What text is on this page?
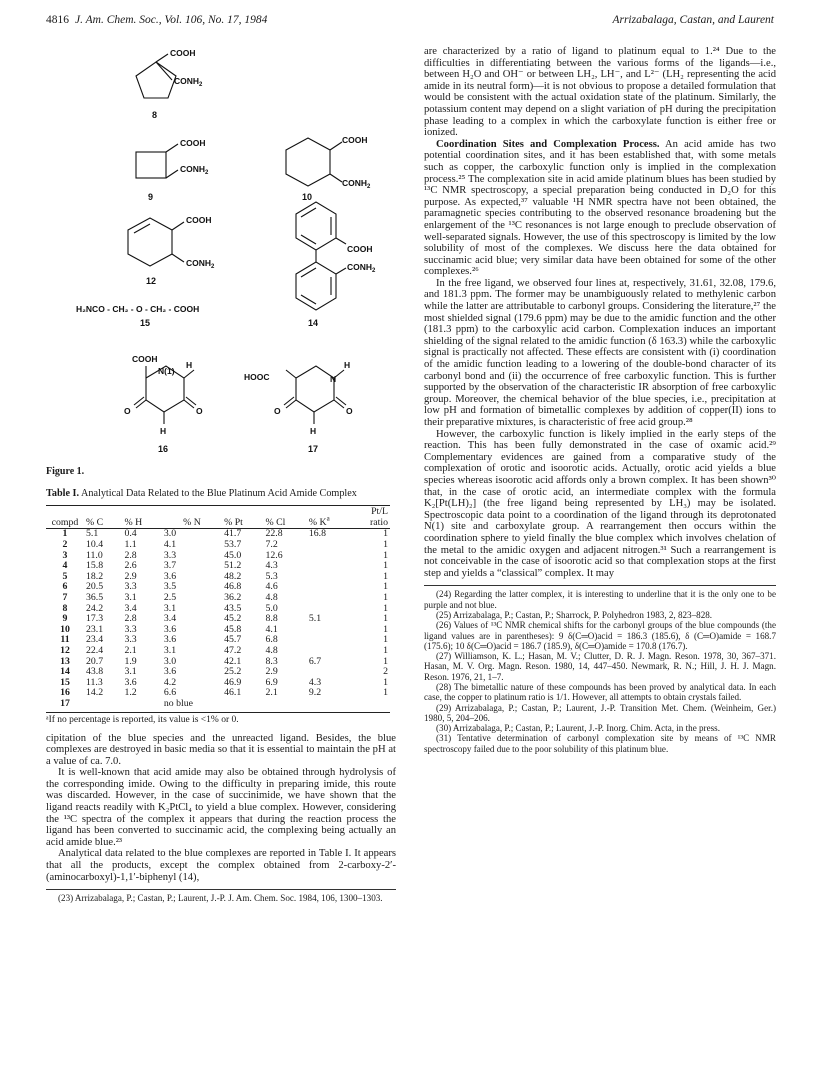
4816 J. Am. Chem. Soc., Vol. 106, No. 17, 1984	Arrizabalaga, Castan, and Laurent
COOH
$CONH_2$
COOH
$CONH_2$
COOH
$CONH_2$
COOH
$CONH_2$
COOH
$CONH_2$
H₂NCO - CH₂ - O - CH₂ - COOH
COOH
H
N(1)
O	O
H
HOOC
H
N
O	O
H
8
9	10
12
14
15
16	17

Figure 1.

Table I. Analytical Data Related to the Blue Platinum Acid Amide Complex

compd	% C	% H	% N	% Pt	% Cl	% $K^a$	Pt/L ratio
1	5.1	0.4	3.0	41.7	22.8	16.8	1
2	10.4	1.1	4.1	53.7	7.2		1
3	11.0	2.8	3.3	45.0	12.6		1
4	15.8	2.6	3.7	51.2	4.3		1
5	18.2	2.9	3.6	48.2	5.3		1
6	20.5	3.3	3.5	46.8	4.6		1
7	36.5	3.1	2.5	36.2	4.8		1
8	24.2	3.4	3.1	43.5	5.0		1
9	17.3	2.8	3.4	45.2	8.8	5.1	1
10	23.1	3.3	3.6	45.8	4.1		1
11	23.4	3.3	3.6	45.7	6.8		1
12	22.4	2.1	3.1	47.2	4.8		1
13	20.7	1.9	3.0	42.1	8.3	6.7	1
14	43.8	3.1	3.6	25.2	2.9		2
15	11.3	3.6	4.2	46.9	6.9	4.3	1
16	14.2	1.2	6.6	46.1	2.1	9.2	1
17			no blue				

ᵃIf no percentage is reported, its value is <1% or 0.

cipitation of the blue species and the unreacted ligand. Besides, the blue complexes are destroyed in basic media so that it is essential to maintain the pH at a value of ca. 7.0.

It is well-known that acid amide may also be obtained through hydrolysis of the corresponding imide. Owing to the difficulty in preparing imide, this route was discarded. However, in the case of succinimide, we have shown that the ligand reacts readily with K₂PtCl₄ to yield a blue complex. However, considering the ¹³C spectra of the complex it appears that during the reaction process the ligand has been converted to succinamic acid, the complexing being actually an acid amide blue.²³

Analytical data related to the blue complexes are reported in Table I. It appears that all the products, except the complex obtained from 2-carboxy-2′-(aminocarboxyl)-1,1′-biphenyl (14),

(23) Arrizabalaga, P.; Castan, P.; Laurent, J.-P. J. Am. Chem. Soc. 1984, 106, 1300–1303.

are characterized by a ratio of ligand to platinum equal to 1.²⁴ Due to the difficulties in differentiating between the various forms of the ligands—i.e., between H₂O and OH⁻ or between LH₂, LH⁻, and L²⁻ (LH₂ representing the acid amide in its neutral form)—it is not obvious to propose a detailed formulation that would be consistent with the actual oxidation state of the platinum. Similarly, the potassium content may depend on a slight variation of pH during the precipitation phase leading to a complex in which the carboxylate function is either free or ionized.

Coordination Sites and Complexation Process. An acid amide has two potential coordination sites, and it has been established that, with some metals such as copper, the carboxylic function only is implied in the complexation process.²⁵ The complexation site in acid amide platinum blues has been studied by ¹³C NMR spectroscopy, a special preparation being conducted in D₂O for this purpose. As expected,³⁷ valuable ¹H NMR spectra have not been obtained, the paramagnetic species contributing to the observed resonance broadening but the enlargement of the ¹³C resonances is not large enough to preclude observation of well-separated signals. However, the use of this spectroscopy is limited by the low solubility of most of the complexes. We discuss here the data obtained for succinamic acid blue; very similar data have been obtained for some of the other complexes.²⁶

In the free ligand, we observed four lines at, respectively, 31.61, 32.08, 179.6, and 181.3 ppm. The former may be unambiguously related to methylenic carbon while the latter are attributable to carbonyl groups. Considering the literature,²⁷ the most shielded signal (179.6 ppm) may be due to the amidic function and the other (181.3 ppm) to the carboxylic acid carbon. Complexation induces an important shielding of the signal related to the amidic function (δ 163.3) while the carboxylic signal is practically not affected. These effects are consistent with (i) coordination of the amidic function leading to a lowering of the double-bond character of its carbonyl bond and (ii) the occurrence of free carboxylic function. This is further supported by the observation of the characteristic IR absorption of free carboxylic group. Moreover, the chemical behavior of the blue species, i.e., precipitation at low pH and formation of bimetallic complexes by addition of copper(II) ions to their preparative mixtures, is characteristic of free acid group.²⁸

However, the carboxylic function is likely implied in the early steps of the reaction. This has been fully demonstrated in the case of oxamic acid.²⁹ Complementary evidences are gained from a comparative study of the complexation of orotic and isoorotic acids. Actually, orotic acid yields a blue species whereas isoorotic acid affords only a brown complex. It has been shown³⁰ that, in the case of orotic acid, an intermediate complex with the formula K₂[Pt(LH)₂] (the free ligand being represented by LH₃) may be isolated. Spectroscopic data point to a coordination of the ligand through its deprotonated N(1) site and carboxylate group. A rearrangement then occurs within the coordination sphere to yield finally the blue complex which involves chelation of the metal to the amidic oxygen and adjacent nitrogen.³¹ Such a rearrangement is not conceivable in the case of isoorotic acid so that complexation stops at the first step and yields a “classical” complex. It may

(24) Regarding the latter complex, it is interesting to underline that it is the only one to be purple and not blue.

(25) Arrizabalaga, P.; Castan, P.; Sharrock, P. Polyhedron 1983, 2, 823–828.

(26) Values of ¹³C NMR chemical shifts for the carbonyl groups of the blue compounds (the ligand values are in parentheses): 9 δ(C═O)acid = 186.3 (185.6), δ (C═O)amide = 168.7 (175.6); 10 δ(C═O)acid = 186.7 (185.9), δ(C═O)amide = 170.8 (176.7).

(27) Williamson, K. L.; Hasan, M. V.; Clutter, D. R. J. Magn. Reson. 1978, 30, 367–371. Hasan, M. V. Org. Magn. Reson. 1980, 14, 447–450. Newmark, R. N.; Hill, J. H. J. Magn. Reson. 1976, 21, 1–7.

(28) The bimetallic nature of these compounds has been proved by analytical data. In each case, the copper to platinum ratio is 1/1. However, all attempts to obtain crystals failed.

(29) Arrizabalaga, P.; Castan, P.; Laurent, J.-P. Transition Met. Chem. (Weinheim, Ger.) 1980, 5, 204–206.

(30) Arrizabalaga, P.; Castan, P.; Laurent, J.-P. Inorg. Chim. Acta, in the press.

(31) Tentative determination of carbonyl complexation site by means of ¹³C NMR spectroscopy failed due to the poor solubility of this platinum blue.
